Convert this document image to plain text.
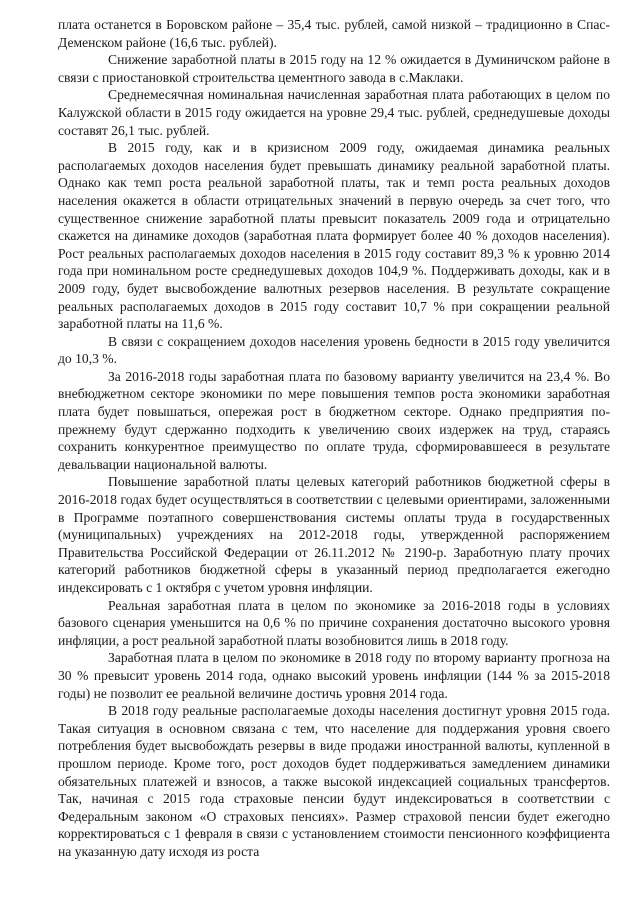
плата останется в Боровском районе – 35,4 тыс. рублей, самой низкой – традиционно в Спас-Деменском районе (16,6 тыс. рублей).

Снижение заработной платы в 2015 году на 12 % ожидается в Думиничском районе в связи с приостановкой строительства цементного завода в с.Маклаки.

Среднемесячная номинальная начисленная заработная плата работающих в целом по Калужской области в 2015 году ожидается на уровне 29,4 тыс. рублей, среднедушевые доходы составят 26,1 тыс. рублей.

В 2015 году, как и в кризисном 2009 году, ожидаемая динамика реальных располагаемых доходов населения будет превышать динамику реальной заработной платы. Однако как темп роста реальной заработной платы, так и темп роста реальных доходов населения окажется в области отрицательных значений в первую очередь за счет того, что существенное снижение заработной платы превысит показатель 2009 года и отрицательно скажется на динамике доходов (заработная плата формирует более 40 % доходов населения). Рост реальных располагаемых доходов населения в 2015 году составит 89,3 % к уровню 2014 года при номинальном росте среднедушевых доходов 104,9 %. Поддерживать доходы, как и в 2009 году, будет высвобождение валютных резервов населения. В результате сокращение реальных располагаемых доходов в 2015 году составит 10,7 % при сокращении реальной заработной платы на 11,6 %.

В связи с сокращением доходов населения уровень бедности в 2015 году увеличится до 10,3 %.

За 2016-2018 годы заработная плата по базовому варианту увеличится на 23,4 %. Во внебюджетном секторе экономики по мере повышения темпов роста экономики заработная плата будет повышаться, опережая рост в бюджетном секторе. Однако предприятия по-прежнему будут сдержанно подходить к увеличению своих издержек на труд, стараясь сохранить конкурентное преимущество по оплате труда, сформировавшееся в результате девальвации национальной валюты.

Повышение заработной платы целевых категорий работников бюджетной сферы в 2016-2018 годах будет осуществляться в соответствии с целевыми ориентирами, заложенными в Программе поэтапного совершенствования системы оплаты труда в государственных (муниципальных) учреждениях на 2012-2018 годы, утвержденной распоряжением Правительства Российской Федерации от 26.11.2012 № 2190-р. Заработную плату прочих категорий работников бюджетной сферы в указанный период предполагается ежегодно индексировать с 1 октября с учетом уровня инфляции.

Реальная заработная плата в целом по экономике за 2016-2018 годы в условиях базового сценария уменьшится на 0,6 % по причине сохранения достаточно высокого уровня инфляции, а рост реальной заработной платы возобновится лишь в 2018 году.

Заработная плата в целом по экономике в 2018 году по второму варианту прогноза на 30 % превысит уровень 2014 года, однако высокий уровень инфляции (144 % за 2015-2018 годы) не позволит ее реальной величине достичь уровня 2014 года.

В 2018 году реальные располагаемые доходы населения достигнут уровня 2015 года. Такая ситуация в основном связана с тем, что население для поддержания уровня своего потребления будет высвобождать резервы в виде продажи иностранной валюты, купленной в прошлом периоде. Кроме того, рост доходов будет поддерживаться замедлением динамики обязательных платежей и взносов, а также высокой индексацией социальных трансфертов. Так, начиная с 2015 года страховые пенсии будут индексироваться в соответствии с Федеральным законом «О страховых пенсиях». Размер страховой пенсии будет ежегодно корректироваться с 1 февраля в связи с установлением стоимости пенсионного коэффициента на указанную дату исходя из роста
